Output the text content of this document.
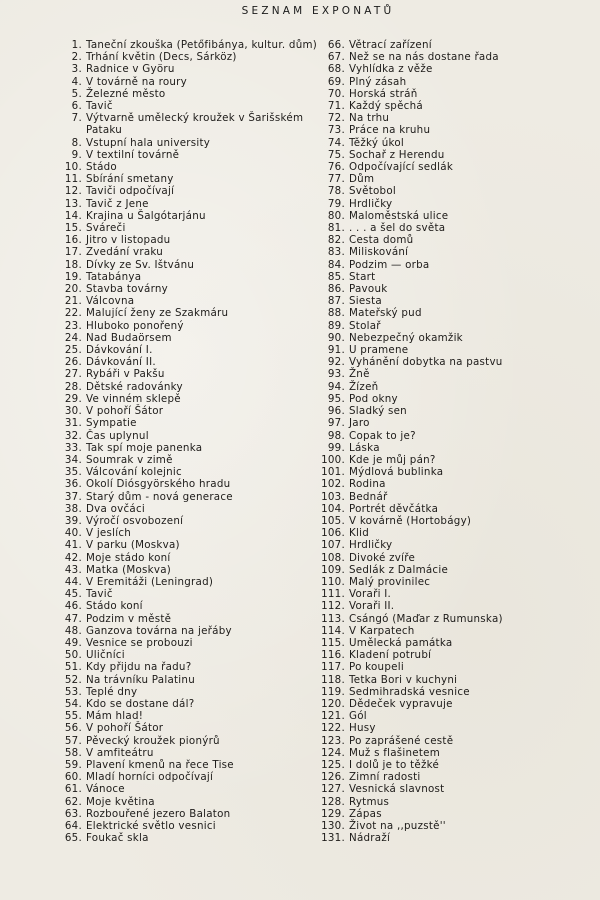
SEZNAM EXPONATŮ
1. Taneční zkouška (Petőfibánya, kultur. dům)
2. Trhání květin (Decs, Sárköz)
3. Radnice v Györu
4. V továrně na roury
5. Železné město
6. Tavič
7. Výtvarně umělecký kroužek v Šarišském Pataku
8. Vstupní hala university
9. V textilní továrně
10. Stádo
11. Sbírání smetany
12. Taviči odpočívají
13. Tavič z Jene
14. Krajina u Šalgótarjánu
15. Sváreči
16. Jitro v listopadu
17. Zvedání vraku
18. Dívky ze Sv. Ištvánu
19. Tatabánya
20. Stavba továrny
21. Válcovna
22. Malující ženy ze Szakmáru
23. Hluboko ponořený
24. Nad Budaörsem
25. Dávkování I.
26. Dávkování II.
27. Rybáři v Pakšu
28. Dětské radovánky
29. Ve vinném sklepě
30. V pohoří Šátor
31. Sympatie
32. Čas uplynul
33. Tak spí moje panenka
34. Soumrak v zimě
35. Válcování kolejnic
36. Okolí Diósgyörského hradu
37. Starý dům - nová generace
38. Dva ovčáci
39. Výročí osvobození
40. V jeslích
41. V parku (Moskva)
42. Moje stádo koní
43. Matka (Moskva)
44. V Eremitáži (Leningrad)
45. Tavič
46. Stádo koní
47. Podzim v městě
48. Ganzova továrna na jeřáby
49. Vesnice se probouzi
50. Uličníci
51. Kdy přijdu na řadu?
52. Na trávníku Palatinu
53. Teplé dny
54. Kdo se dostane dál?
55. Mám hlad!
56. V pohoří Šátor
57. Pěvecký kroužek pionýrů
58. V amfiteátru
59. Plavení kmenů na řece Tise
60. Mladí horníci odpočívají
61. Vánoce
62. Moje květina
63. Rozbouřené jezero Balaton
64. Elektrické světlo vesnici
65. Foukač skla
66. Větrací zařízení
67. Než se na nás dostane řada
68. Vyhlídka z věže
69. Plný zásah
70. Horská stráň
71. Každý spěchá
72. Na trhu
73. Práce na kruhu
74. Těžký úkol
75. Sochař z Herendu
76. Odpočívající sedlák
77. Dům
78. Světobol
79. Hrdličky
80. Maloměstská ulice
81. . . . a šel do světa
82. Cesta domů
83. Miliskování
84. Podzim — orba
85. Start
86. Pavouk
87. Siesta
88. Mateřský pud
89. Stolař
90. Nebezpečný okamžik
91. U pramene
92. Vyhánění dobytka na pastvu
93. Žně
94. Žízeň
95. Pod okny
96. Sladký sen
97. Jaro
98. Copak to je?
99. Láska
100. Kde je můj pán?
101. Mýdlová bublinka
102. Rodina
103. Bednář
104. Portrét děvčátka
105. V kovárně (Hortobágy)
106. Klid
107. Hrdličky
108. Divoké zvíře
109. Sedlák z Dalmácie
110. Malý provinilec
111. Voraři I.
112. Voraři II.
113. Csángó (Maďar z Rumunska)
114. V Karpatech
115. Umělecká památka
116. Kladení potrubí
117. Po koupeli
118. Tetka Bori v kuchyni
119. Sedmihradská vesnice
120. Dědeček vypravuje
121. Gól
122. Husy
123. Po zaprášené cestě
124. Muž s flašinetem
125. I dolů je to těžké
126. Zimní radosti
127. Vesnická slavnost
128. Rytmus
129. Zápas
130. Život na ,,puzstě''
131. Nádraží
